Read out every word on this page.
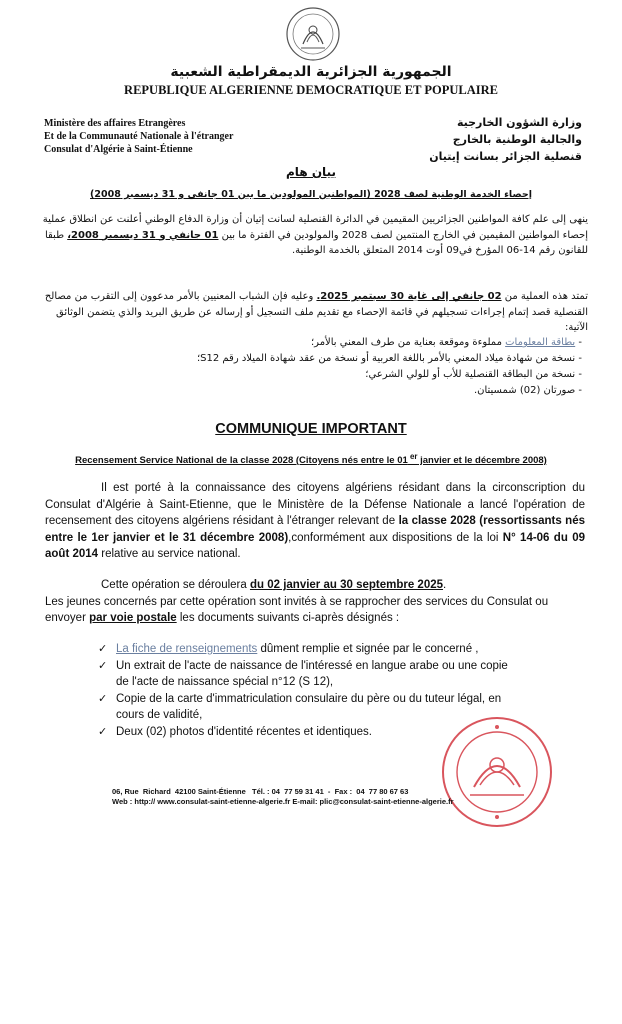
الجمهورية الجزائرية الديمقراطية الشعبية
REPUBLIQUE ALGERIENNE DEMOCRATIQUE ET POPULAIRE
Ministère des affaires Etrangères
Et de la Communauté Nationale à l'étranger
Consulat d'Algérie à Saint-Étienne
وزارة الشؤون الخارجية
والجالية الوطنية بالخارج
قنصلية الجزائر بسانت إيتيان
بيان هام
إحصاء الخدمة الوطنية لصف 2028 (المواطنين المولودين ما بين 01 جانفي و 31 ديسمبر 2008)
ينهى إلى علم كافة المواطنين الجزائريين المقيمين في الدائرة القنصلية لسانت إتيان أن وزارة الدفاع الوطني أعلنت عن انطلاق عملية إحصاء المواطنين المقيمين في الخارج المنتمين لصف 2028 والمولودين في الفترة ما بين 01 جانفي و 31 ديسمبر 2008، طبقا للقانون رقم 14-06 المؤرخ في09 أوت 2014 المتعلق بالخدمة الوطنية.
تمتد هذه العملية من 02 جانفي إلى غاية 30 سبتمبر 2025. وعليه فإن الشباب المعنيين بالأمر مدعوون إلى التقرب من مصالح القنصلية قصد إتمام إجراءات تسجيلهم في قائمة الإحصاء مع تقديم ملف التسجيل أو إرساله عن طريق البريد والذي يتضمن الوثائق الآتية:
- بطاقة المعلومات مملوءة وموقعة بعناية من طرف المعني بالأمر؛
- نسخة من شهادة ميلاد المعني بالأمر باللغة العربية أو نسخة من عقد شهادة الميلاد رقم S12؛
- نسخة من البطاقة القنصلية للأب أو للولي الشرعي؛
- صورتان (02) شمسيتان.
COMMUNIQUE IMPORTANT
Recensement Service National de la classe 2028 (Citoyens nés entre le 01 $^{er}$ janvier et le décembre 2008)
Il est porté à la connaissance des citoyens algériens résidant dans la circonscription du Consulat d'Algérie à Saint-Etienne, que le Ministère de la Défense Nationale a lancé l'opération de recensement des citoyens algériens résidant à l'étranger relevant de la classe 2028 (ressortissants nés entre le 1er janvier et le 31 décembre 2008),conformément aux dispositions de la loi N° 14-06 du 09 août 2014 relative au service national.
Cette opération se déroulera du 02 janvier au 30 septembre 2025.
Les jeunes concernés par cette opération sont invités à se rapprocher des services du Consulat ou envoyer par voie postale les documents suivants ci-après désignés :
✓ La fiche de renseignements dûment remplie et signée par le concerné ,
✓ Un extrait de l'acte de naissance de l'intéressé en langue arabe ou une copie de l'acte de naissance spécial n°12 (S 12),
✓ Copie de la carte d'immatriculation consulaire du père ou du tuteur légal, en cours de validité,
✓ Deux (02) photos d'identité récentes et identiques.
06, Rue  Richard  42100 Saint-Étienne   Tél. : 04  77 59 31 41  -  Fax :  04  77 80 67 63
Web : http:// www.consulat-saint-etienne-algerie.fr E-mail: plic@consulat-saint-etienne-algerie.fr
